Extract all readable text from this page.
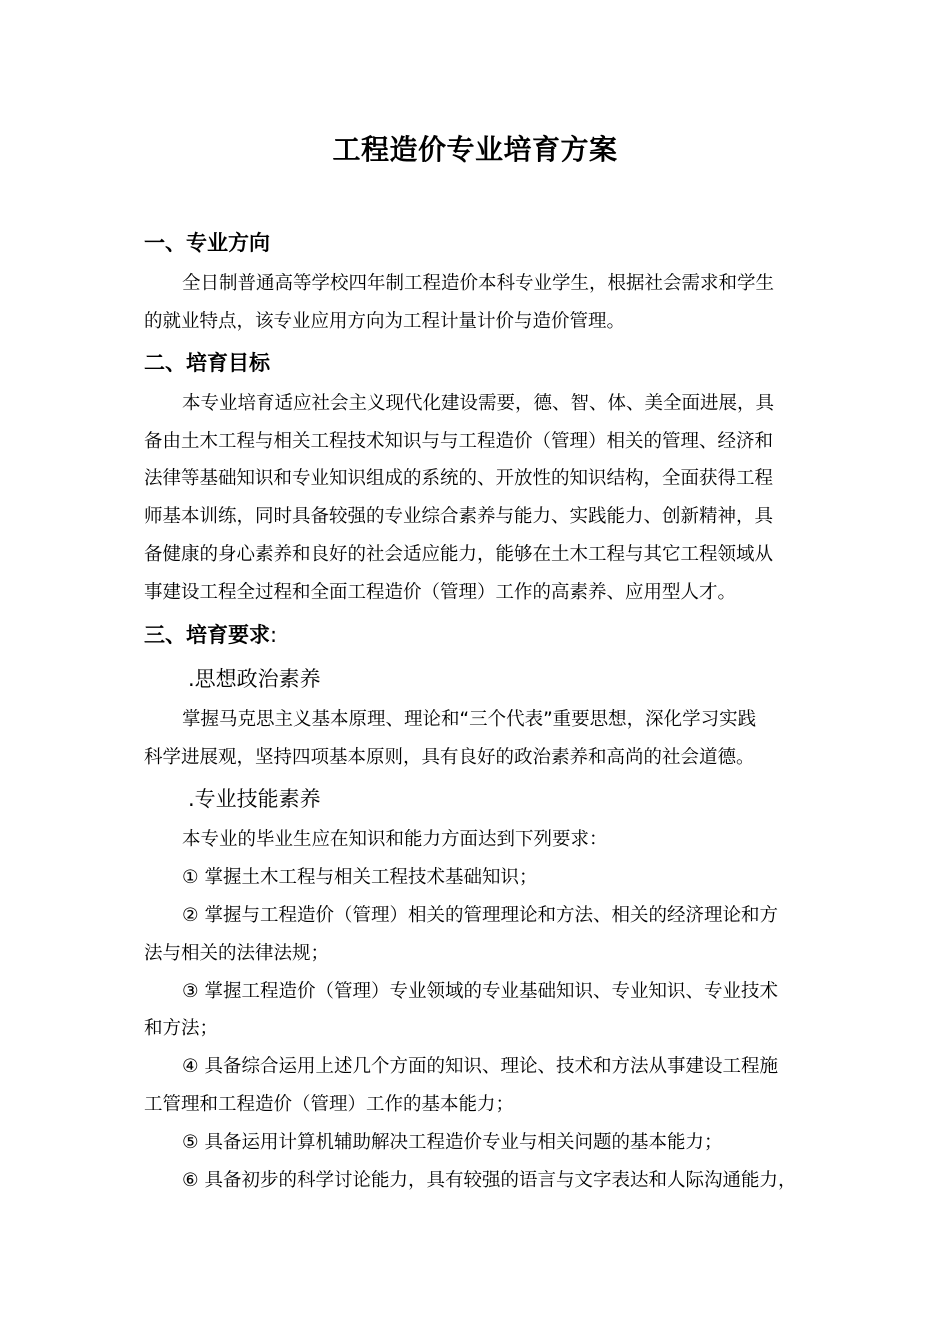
工程造价专业培育方案
一、专业方向
全日制普通高等学校四年制工程造价本科专业学生，根据社会需求和学生
的就业特点，该专业应用方向为工程计量计价与造价管理。
二、培育目标
本专业培育适应社会主义现代化建设需要，德、智、体、美全面进展，具
备由土木工程与相关工程技术知识与与工程造价（管理）相关的管理、经济和
法律等基础知识和专业知识组成的系统的、开放性的知识结构，全面获得工程
师基本训练，同时具备较强的专业综合素养与能力、实践能力、创新精神，具
备健康的身心素养和良好的社会适应能力，能够在土木工程与其它工程领域从
事建设工程全过程和全面工程造价（管理）工作的高素养、应用型人才。
三、培育要求:
.思想政治素养
掌握马克思主义基本原理、理论和“三个代表”重要思想，深化学习实践
科学进展观，坚持四项基本原则，具有良好的政治素养和高尚的社会道德。
.专业技能素养
本专业的毕业生应在知识和能力方面达到下列要求：
① 掌握土木工程与相关工程技术基础知识；
② 掌握与工程造价（管理）相关的管理理论和方法、相关的经济理论和方
法与相关的法律法规；
③ 掌握工程造价（管理）专业领域的专业基础知识、专业知识、专业技术
和方法；
④ 具备综合运用上述几个方面的知识、理论、技术和方法从事建设工程施
工管理和工程造价（管理）工作的基本能力；
⑤ 具备运用计算机辅助解决工程造价专业与相关问题的基本能力；
⑥ 具备初步的科学讨论能力，具有较强的语言与文字表达和人际沟通能力，
